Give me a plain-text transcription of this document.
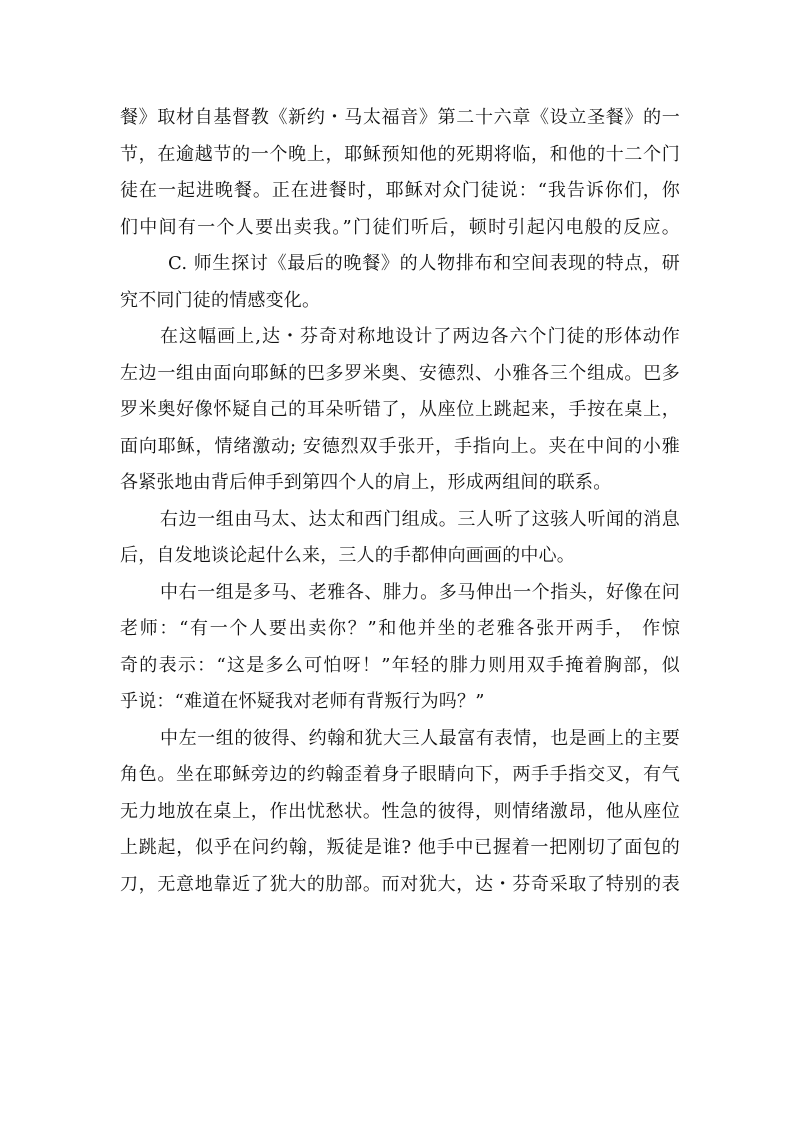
餐》取材自基督教《新约・马太福音》第二十六章《设立圣餐》的一
节，在逾越节的一个晚上，耶稣预知他的死期将临，和他的十二个门
徒在一起进晚餐。正在进餐时，耶稣对众门徒说：“我告诉你们，你
们中间有一个人要出卖我。”门徒们听后，顿时引起闪电般的反应。
C. 师生探讨《最后的晚餐》的人物排布和空间表现的特点，研
究不同门徒的情感变化。
在这幅画上,达・芬奇对称地设计了两边各六个门徒的形体动作
左边一组由面向耶稣的巴多罗米奥、安德烈、小雅各三个组成。巴多
罗米奥好像怀疑自己的耳朵听错了，从座位上跳起来，手按在桌上，
面向耶稣，情绪激动; 安德烈双手张开，手指向上。夹在中间的小雅
各紧张地由背后伸手到第四个人的肩上，形成两组间的联系。
右边一组由马太、达太和西门组成。三人听了这骇人听闻的消息
后，自发地谈论起什么来，三人的手都伸向画画的中心。
中右一组是多马、老雅各、腓力。多马伸出一个指头，好像在问
老师：“有一个人要出卖你？”和他并坐的老雅各张开两手， 作惊
奇的表示：“这是多么可怕呀！”年轻的腓力则用双手掩着胸部，似
乎说：“难道在怀疑我对老师有背叛行为吗？”
中左一组的彼得、约翰和犹大三人最富有表情，也是画上的主要
角色。坐在耶稣旁边的约翰歪着身子眼睛向下，两手手指交叉，有气
无力地放在桌上，作出忧愁状。性急的彼得，则情绪激昂，他从座位
上跳起，似乎在问约翰，叛徒是谁? 他手中已握着一把刚切了面包的
刀，无意地靠近了犹大的肋部。而对犹大，达・芬奇采取了特别的表
